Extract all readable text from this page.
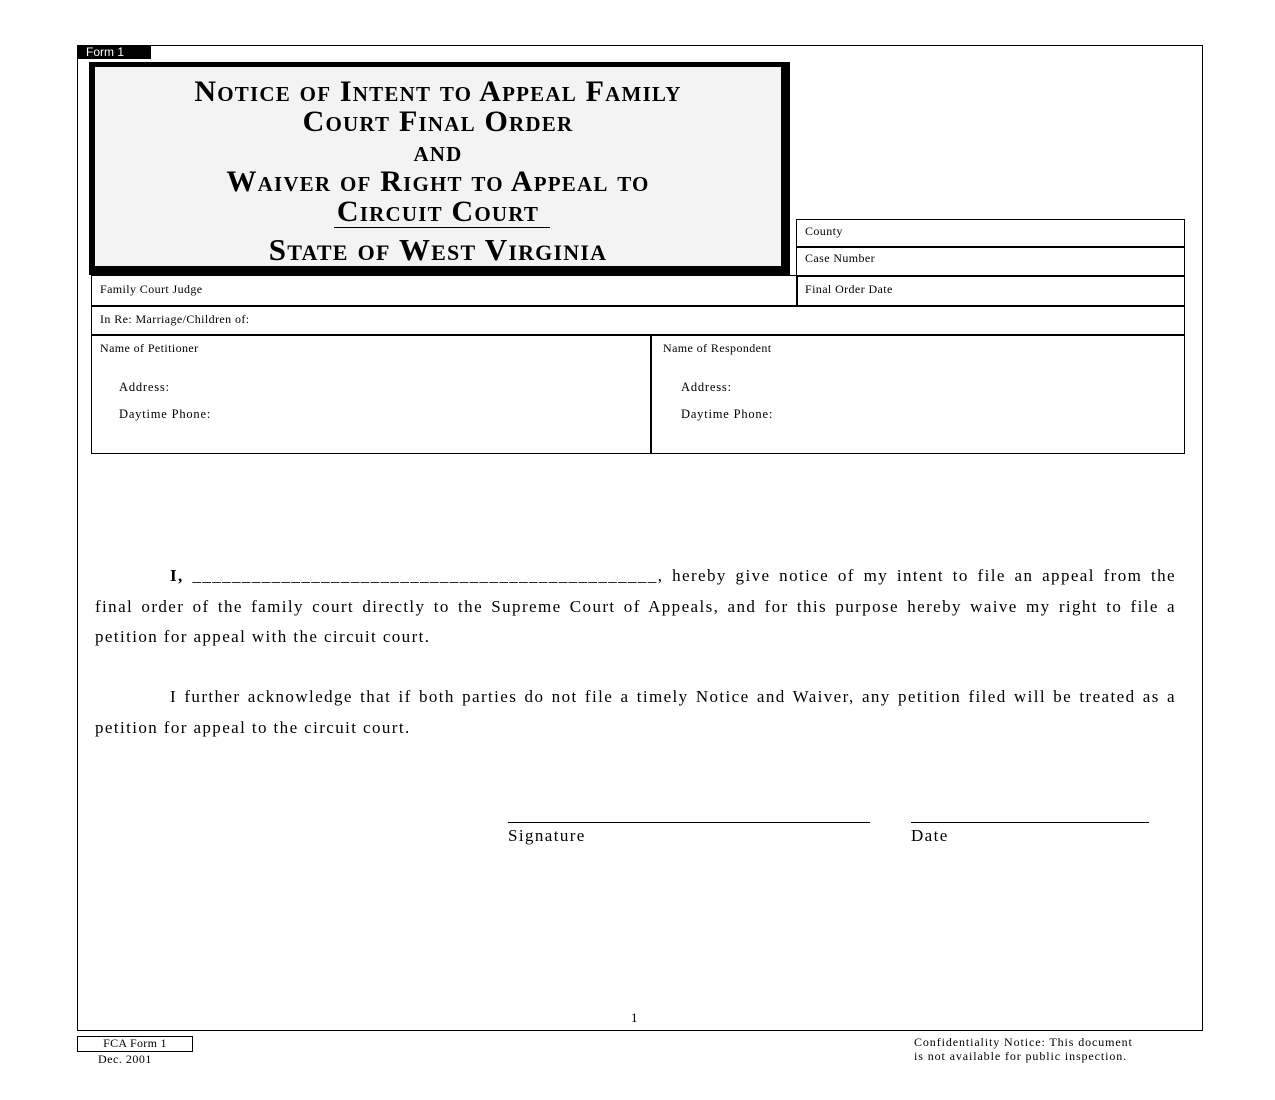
Form 1
Notice of Intent to Appeal Family
Court Final Order
and
Waiver of Right to Appeal to
Circuit Court
State of West Virginia
County
Case Number
Family Court Judge	Final Order Date
In Re: Marriage/Children of:
Name of Petitioner
Address:
Daytime Phone:
Name of Respondent
Address:
Daytime Phone:
I, _______________________________________________, hereby give notice of my intent to file an appeal from the final order of the family court directly to the Supreme Court of Appeals, and for this purpose hereby waive my right to file a petition for appeal with the circuit court.
I further acknowledge that if both parties do not file a timely Notice and Waiver, any petition filed will be treated as a petition for appeal to the circuit court.
Signature	Date
1
FCA Form 1
Dec. 2001
Confidentiality Notice: This document
is not available for public inspection.
